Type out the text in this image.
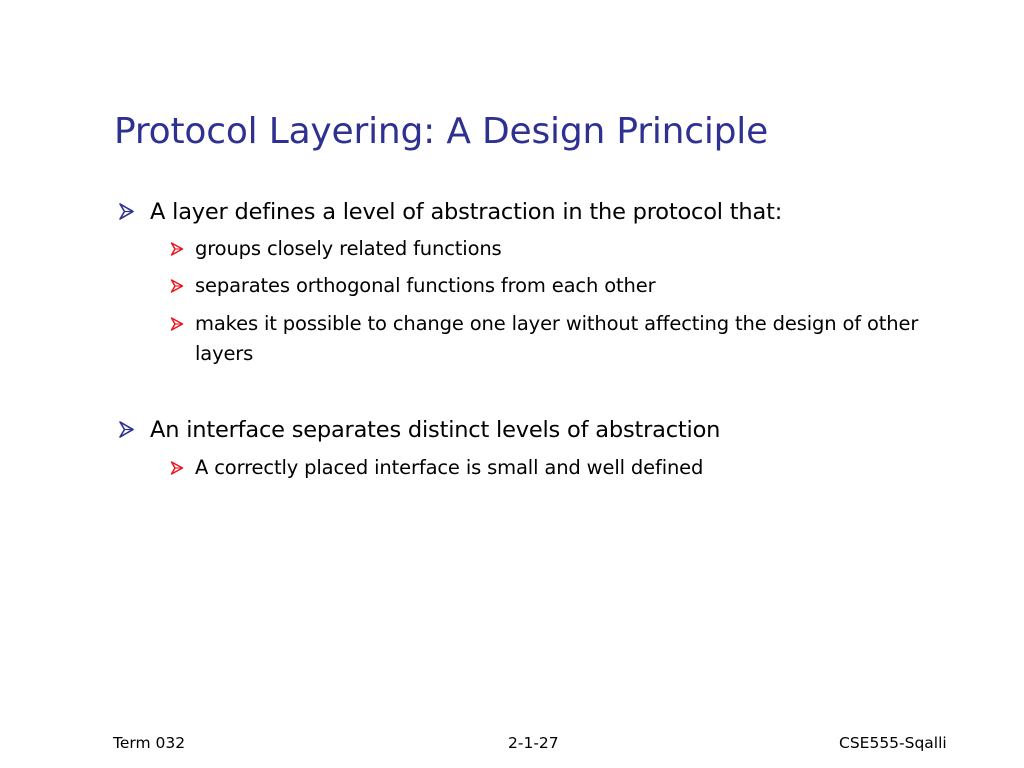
Protocol Layering: A Design Principle
A layer defines a level of abstraction in the protocol that:
groups closely related functions
separates orthogonal functions from each other
makes it possible to change one layer without affecting the design of other layers
An interface separates distinct levels of abstraction
A correctly placed interface is small and well defined
Term 032	2-1-27	CSE555-Sqalli
